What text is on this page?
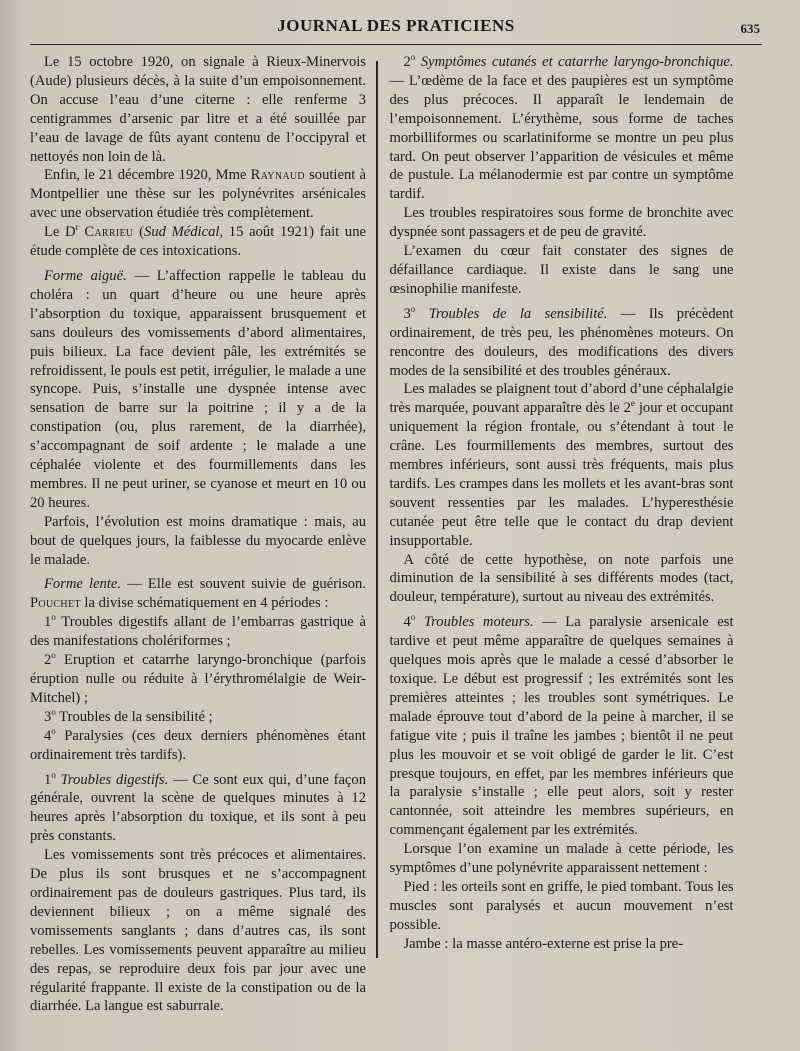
JOURNAL DES PRATICIENS	635

Le 15 octobre 1920, on signale à Rieux-Minervois (Aude) plusieurs décès, à la suite d’un empoisonnement. On accuse l’eau d’une citerne : elle renferme 3 centigrammes d’arsenic par litre et a été souillée par l’eau de lavage de fûts ayant contenu de l’occipyral et nettoyés non loin de là.

Enfin, le 21 décembre 1920, Mme Raynaud soutient à Montpellier une thèse sur les polynévrites arsénicales avec une observation étudiée très complètement.

Le $D^r$ Carrieu (Sud Médical, 15 août 1921) fait une étude complète de ces intoxications.

Forme aiguë. — L’affection rappelle le tableau du choléra : un quart d’heure ou une heure après l’absorption du toxique, apparaissent brusquement et sans douleurs des vomissements d’abord alimentaires, puis bilieux. La face devient pâle, les extrémités se refroidissent, le pouls est petit, irrégulier, le malade a une syncope. Puis, s’installe une dyspnée intense avec sensation de barre sur la poitrine ; il y a de la constipation (ou, plus rarement, de la diarrhée), s’accompagnant de soif ardente ; le malade a une céphalée violente et des fourmillements dans les membres. Il ne peut uriner, se cyanose et meurt en 10 ou 20 heures.

Parfois, l’évolution est moins dramatique : mais, au bout de quelques jours, la faiblesse du myocarde enlève le malade.

Forme lente. — Elle est souvent suivie de guérison. Pouchet la divise schématiquement en 4 périodes :

1$^o$ Troubles digestifs allant de l’embarras gastrique à des manifestations cholériformes ;

2$^o$ Eruption et catarrhe laryngo-bronchique (parfois éruption nulle ou réduite à l’érythromélalgie de Weir-Mitchel) ;

3$^o$ Troubles de la sensibilité ;

4$^o$ Paralysies (ces deux derniers phénomènes étant ordinairement très tardifs).

1$^o$ Troubles digestifs. — Ce sont eux qui, d’une façon générale, ouvrent la scène de quelques minutes à 12 heures après l’absorption du toxique, et ils sont à peu près constants.

Les vomissements sont très précoces et alimentaires. De plus ils sont brusques et ne s’accompagnent ordinairement pas de douleurs gastriques. Plus tard, ils deviennent bilieux ; on a même signalé des vomissements sanglants ; dans d’autres cas, ils sont rebelles. Les vomissements peuvent apparaître au milieu des repas, se reproduire deux fois par jour avec une régularité frappante. Il existe de la constipation ou de la diarrhée. La langue est saburrale.

2$^o$ Symptômes cutanés et catarrhe laryngo-bronchique. — L’œdème de la face et des paupières est un symptôme des plus précoces. Il apparaît le lendemain de l’empoisonnement. L’érythème, sous forme de taches morbilliformes ou scarlatiniforme se montre un peu plus tard. On peut observer l’apparition de vésicules et même de pustule. La mélanodermie est par contre un symptôme tardif.

Les troubles respiratoires sous forme de bronchite avec dyspnée sont passagers et de peu de gravité.

L’examen du cœur fait constater des signes de défaillance cardiaque. Il existe dans le sang une œsinophilie manifeste.

3$^o$ Troubles de la sensibilité. — Ils précèdent ordinairement, de très peu, les phénomènes moteurs. On rencontre des douleurs, des modifications des divers modes de la sensibilité et des troubles généraux.

Les malades se plaignent tout d’abord d’une céphalalgie très marquée, pouvant apparaître dès le 2e jour et occupant uniquement la région frontale, ou s’étendant à tout le crâne. Les fourmillements des membres, surtout des membres inférieurs, sont aussi très fréquents, mais plus tardifs. Les crampes dans les mollets et les avant-bras sont souvent ressenties par les malades. L’hyperesthésie cutanée peut être telle que le contact du drap devient insupportable.

A côté de cette hypothèse, on note parfois une diminution de la sensibilité à ses différents modes (tact, douleur, température), surtout au niveau des extrémités.

4$^o$ Troubles moteurs. — La paralysie arsenicale est tardive et peut même apparaître de quelques semaines à quelques mois après que le malade a cessé d’absorber le toxique. Le début est progressif ; les extrémités sont les premières atteintes ; les troubles sont symétriques. Le malade éprouve tout d’abord de la peine à marcher, il se fatigue vite ; puis il traîne les jambes ; bientôt il ne peut plus les mouvoir et se voit obligé de garder le lit. C’est presque toujours, en effet, par les membres inférieurs que la paralysie s’installe ; elle peut alors, soit y rester cantonnée, soit atteindre les membres supérieurs, en commençant également par les extrémités.

Lorsque l’on examine un malade à cette période, les symptômes d’une polynévrite apparaissent nettement :

Pied : les orteils sont en griffe, le pied tombant. Tous les muscles sont paralysés et aucun mouvement n’est possible.

Jambe : la masse antéro-externe est prise la pre-
